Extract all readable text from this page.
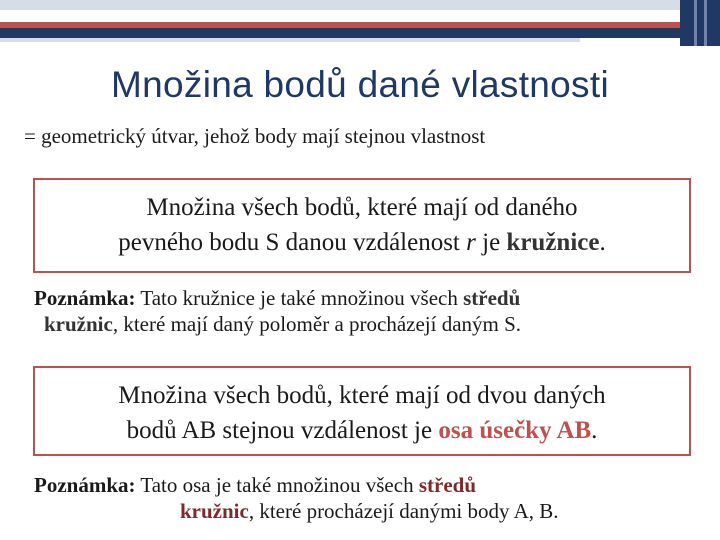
Množina bodů dané vlastnosti
= geometrický útvar, jehož body mají stejnou vlastnost
Množina všech bodů, které mají od daného
pevného bodu S danou vzdálenost r je kružnice.
Poznámka: Tato kružnice je také množinou všech středů
kružnic, které mají daný poloměr a procházejí daným S.
Množina všech bodů, které mají od dvou daných
bodů AB stejnou vzdálenost je osa úsečky AB.
Poznámka: Tato osa je také množinou všech středů
kružnic, které procházejí danými body A, B.
